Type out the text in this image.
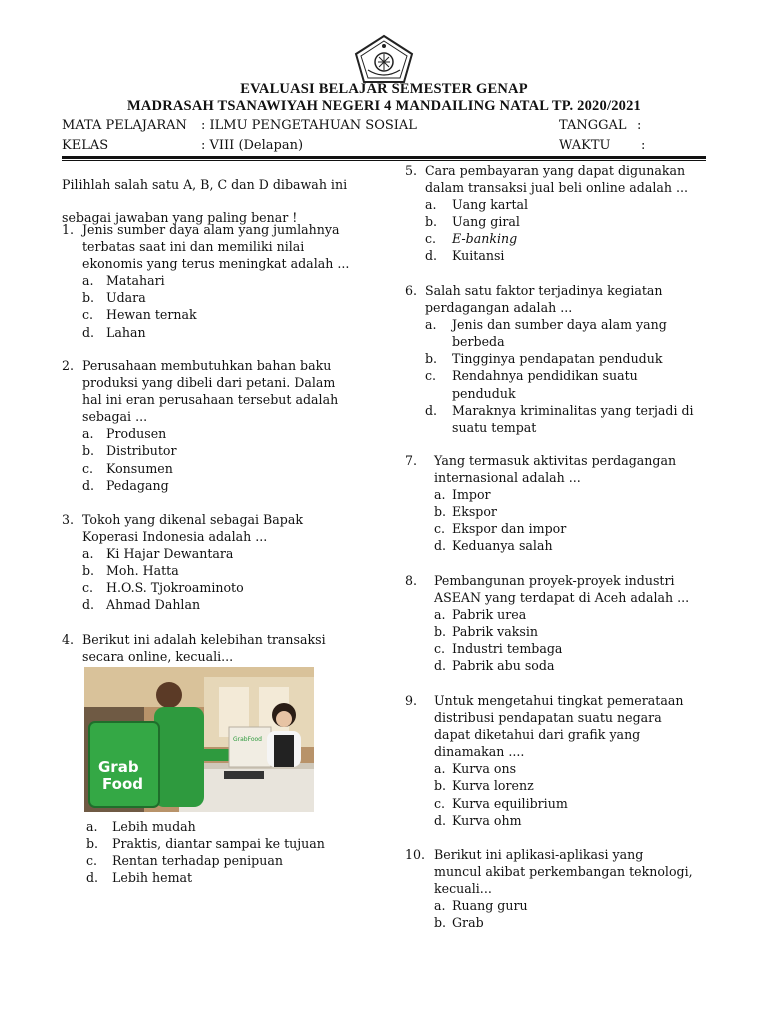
EVALUASI BELAJAR SEMESTER GENAP
MADRASAH TSANAWIYAH NEGERI 4 MANDAILING NATAL TP. 2020/2021
MATA PELAJARAN : ILMU PENGETAHUAN SOSIAL	TANGGAL :
KELAS	: VIII (Delapan)	WAKTU :

Pilihlah salah satu A, B, C dan D dibawah ini

sebagai jawaban yang paling benar !

1. Jenis sumber daya alam yang jumlahnya

terbatas saat ini dan memiliki nilai

ekonomis yang terus meningkat adalah ...

a. Matahari

b. Udara

c.	Hewan ternak

d. Lahan

2. Perusahaan membutuhkan bahan baku

produksi yang dibeli dari petani. Dalam

hal ini eran perusahaan tersebut adalah

sebagai ...

a. Produsen

b. Distributor

c.	Konsumen

d. Pedagang

3. Tokoh yang dikenal sebagai Bapak

Koperasi Indonesia adalah ...

a. Ki Hajar Dewantara

b. Moh. Hatta

c.	H.O.S. Tjokroaminoto

d. Ahmad Dahlan

4. Berikut ini adalah kelebihan transaksi

secara online, kecuali...

a.	Lebih mudah

b.	Praktis, diantar sampai ke tujuan

c.	Rentan terhadap penipuan

d.	Lebih hemat

5. Cara pembayaran yang dapat digunakan

dalam transaksi jual beli online adalah ...

a.	Uang kartal

b.	Uang giral

c.	E-banking

d.	Kuitansi

6. Salah satu faktor terjadinya kegiatan

perdagangan adalah ...

a.	Jenis dan sumber daya alam yang

berbeda

b.	Tingginya pendapatan penduduk

c.	Rendahnya pendidikan suatu

penduduk

d.	Maraknya kriminalitas yang terjadi di

suatu tempat

7.	Yang termasuk aktivitas perdagangan

internasional adalah ...

a. Impor

b. Ekspor

c. Ekspor dan impor

d. Keduanya salah

8.	Pembangunan proyek-proyek industri

ASEAN yang terdapat di Aceh adalah ...

a. Pabrik urea

b. Pabrik vaksin

c. Industri tembaga

d. Pabrik abu soda

9.	Untuk mengetahui tingkat pemerataan

distribusi pendapatan suatu negara

dapat diketahui dari grafik yang

dinamakan ....

a. Kurva ons

b. Kurva lorenz

c. Kurva equilibrium

d. Kurva ohm

10. Berikut ini aplikasi-aplikasi yang

muncul akibat perkembangan teknologi,

kecuali...

a. Ruang guru

b. Grab

Grab
Food
GrabFood
